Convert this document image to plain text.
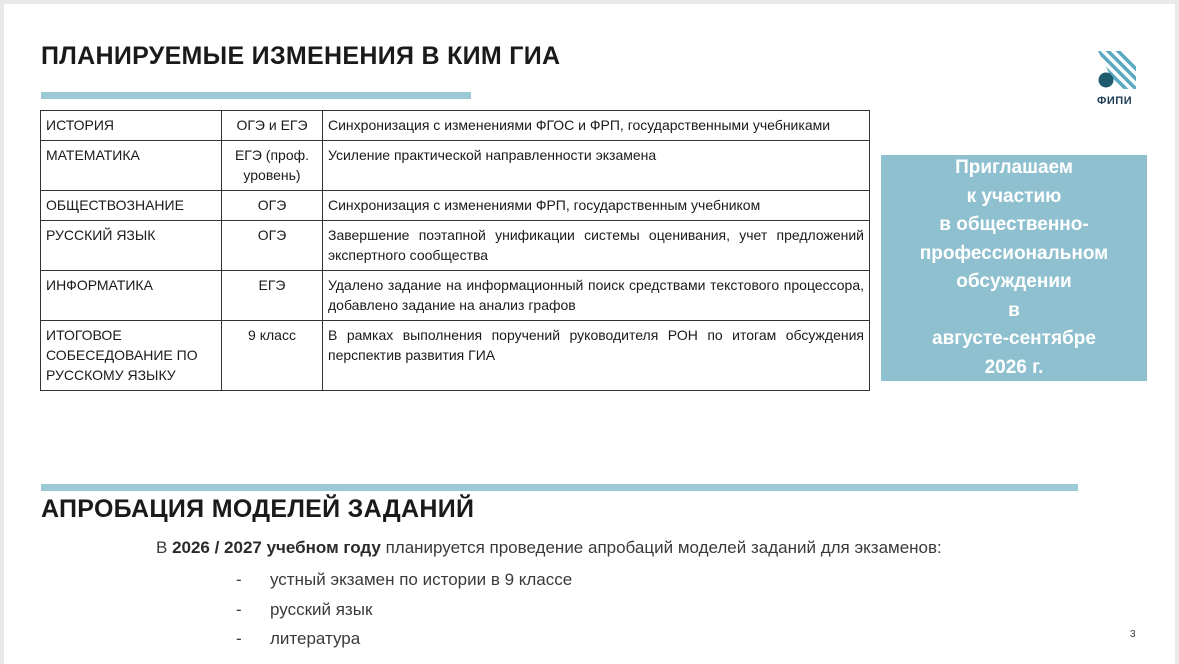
ПЛАНИРУЕМЫЕ ИЗМЕНЕНИЯ В КИМ ГИА
ФИПИ
ИСТОРИЯ	ОГЭ и ЕГЭ	Синхронизация с изменениями ФГОС и ФРП, государственными учебниками
МАТЕМАТИКА	ЕГЭ (проф. уровень)	Усиление практической направленности экзамена
ОБЩЕСТВОЗНАНИЕ	ОГЭ	Синхронизация с изменениями ФРП, государственным учебником
РУССКИЙ ЯЗЫК	ОГЭ	Завершение поэтапной унификации системы оценивания, учет предложений экспертного сообщества
ИНФОРМАТИКА	ЕГЭ	Удалено задание на информационный поиск средствами текстового процессора, добавлено задание на анализ графов
ИТОГОВОЕ СОБЕСЕДОВАНИЕ ПО РУССКОМУ ЯЗЫКУ	9 класс	В рамках выполнения поручений руководителя РОН по итогам обсуждения перспектив развития ГИА
Приглашаем
к участию
в общественно-
профессиональном
обсуждении
в
августе-сентябре
2026 г.
АПРОБАЦИЯ МОДЕЛЕЙ ЗАДАНИЙ
В 2026 / 2027 учебном году планируется проведение апробаций моделей заданий для экзаменов:
- устный экзамен по истории в 9 классе
- русский язык
- литература	3
